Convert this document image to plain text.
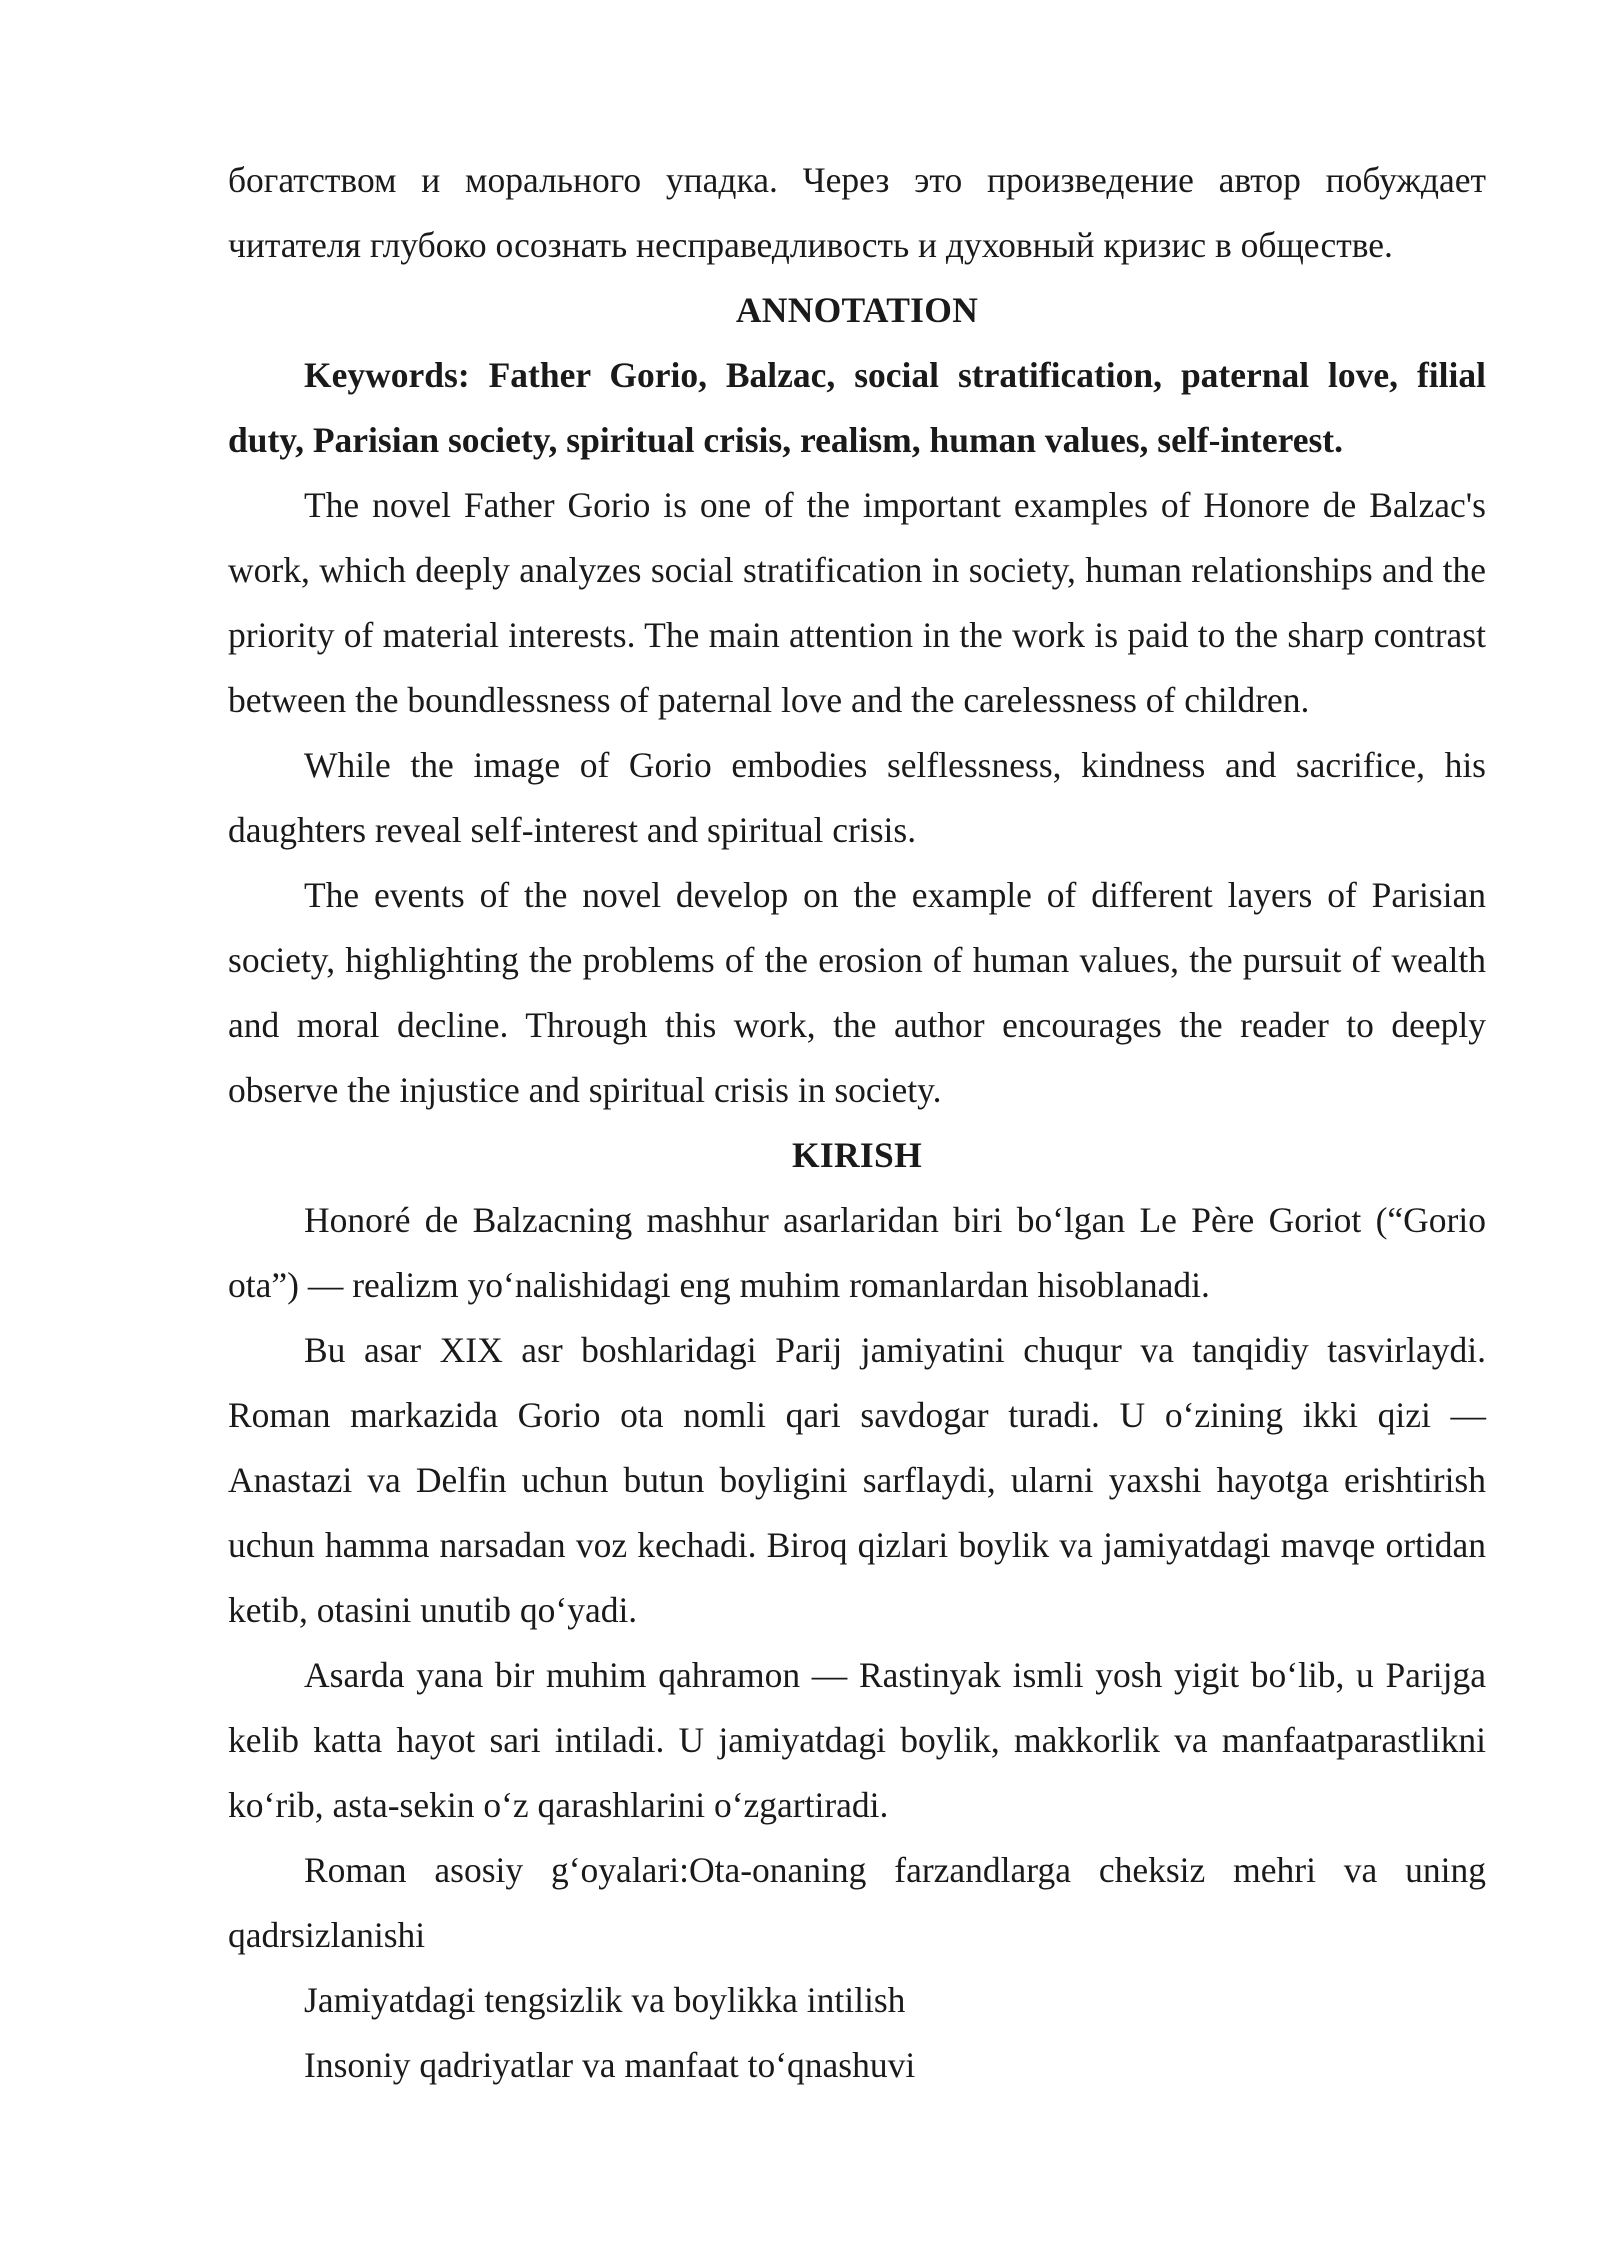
богатством и морального упадка. Через это произведение автор побуждает читателя глубоко осознать несправедливость и духовный кризис в обществе.

ANNOTATION

Keywords: Father Gorio, Balzac, social stratification, paternal love, filial duty, Parisian society, spiritual crisis, realism, human values, self-interest.

The novel Father Gorio is one of the important examples of Honore de Balzac's work, which deeply analyzes social stratification in society, human relationships and the priority of material interests. The main attention in the work is paid to the sharp contrast between the boundlessness of paternal love and the carelessness of children.

While the image of Gorio embodies selflessness, kindness and sacrifice, his daughters reveal self-interest and spiritual crisis.

The events of the novel develop on the example of different layers of Parisian society, highlighting the problems of the erosion of human values, the pursuit of wealth and moral decline. Through this work, the author encourages the reader to deeply observe the injustice and spiritual crisis in society.

KIRISH

Honoré de Balzacning mashhur asarlaridan biri bo‘lgan Le Père Goriot (“Gorio ota”) — realizm yo‘nalishidagi eng muhim romanlardan hisoblanadi.

Bu asar XIX asr boshlaridagi Parij jamiyatini chuqur va tanqidiy tasvirlaydi. Roman markazida Gorio ota nomli qari savdogar turadi. U o‘zining ikki qizi — Anastazi va Delfin uchun butun boyligini sarflaydi, ularni yaxshi hayotga erishtirish uchun hamma narsadan voz kechadi. Biroq qizlari boylik va jamiyatdagi mavqe ortidan ketib, otasini unutib qo‘yadi.

Asarda yana bir muhim qahramon — Rastinyak ismli yosh yigit bo‘lib, u Parijga kelib katta hayot sari intiladi. U jamiyatdagi boylik, makkorlik va manfaatparastlikni ko‘rib, asta-sekin o‘z qarashlarini o‘zgartiradi.

Roman asosiy g‘oyalari:Ota-onaning farzandlarga cheksiz mehri va uning qadrsizlanishi

Jamiyatdagi tengsizlik va boylikka intilish

Insoniy qadriyatlar va manfaat to‘qnashuvi
